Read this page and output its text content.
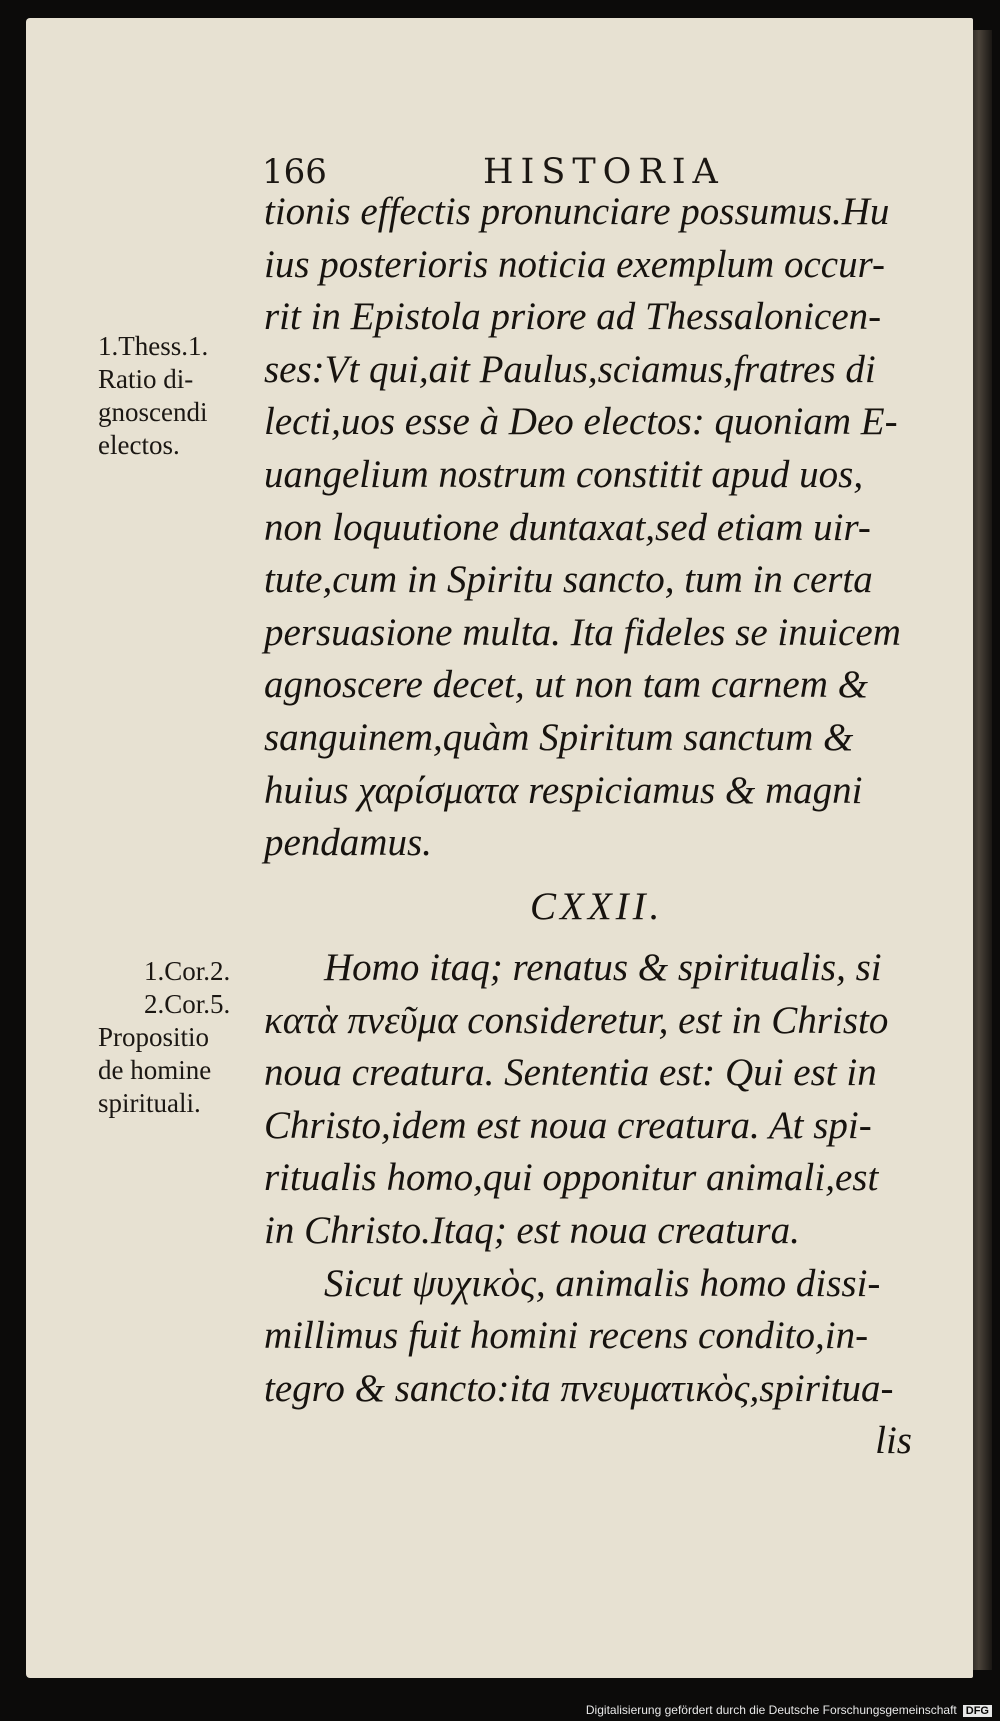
166	HISTORIA
tionis effectis pronunciare possumus.Hu
ius posterioris noticia exemplum occur-
rit in Epistola priore ad Thessalonicen-
ses:Vt qui,ait Paulus,sciamus,fratres di
lecti,uos esse à Deo electos: quoniam E-
uangelium nostrum constitit apud uos,
non loquutione duntaxat,sed etiam uir-
tute,cum in Spiritu sancto, tum in certa
persuasione multa. Ita fideles se inuicem
agnoscere decet, ut non tam carnem &
sanguinem,quàm Spiritum sanctum &
huius χαρίσματα respiciamus & magni
pendamus.
1.Thess.1.
Ratio di-
gnoscendi
electos.
CXXII.
Homo itaq; renatus & spiritualis, si
κατὰ πνεῦμα consideretur, est in Christo
noua creatura. Sententia est: Qui est in
Christo,idem est noua creatura. At spi-
ritualis homo,qui opponitur animali,est
in Christo.Itaq; est noua creatura.
Sicut ψυχικὸς, animalis homo dissi-
millimus fuit homini recens condito,in-
tegro & sancto:ita πνευματικὸς,spiritua-
lis
1.Cor.2.
2.Cor.5.
Propositio
de homine
spirituali.
Digitalisierung gefördert durch die Deutsche Forschungsgemeinschaft DFG
